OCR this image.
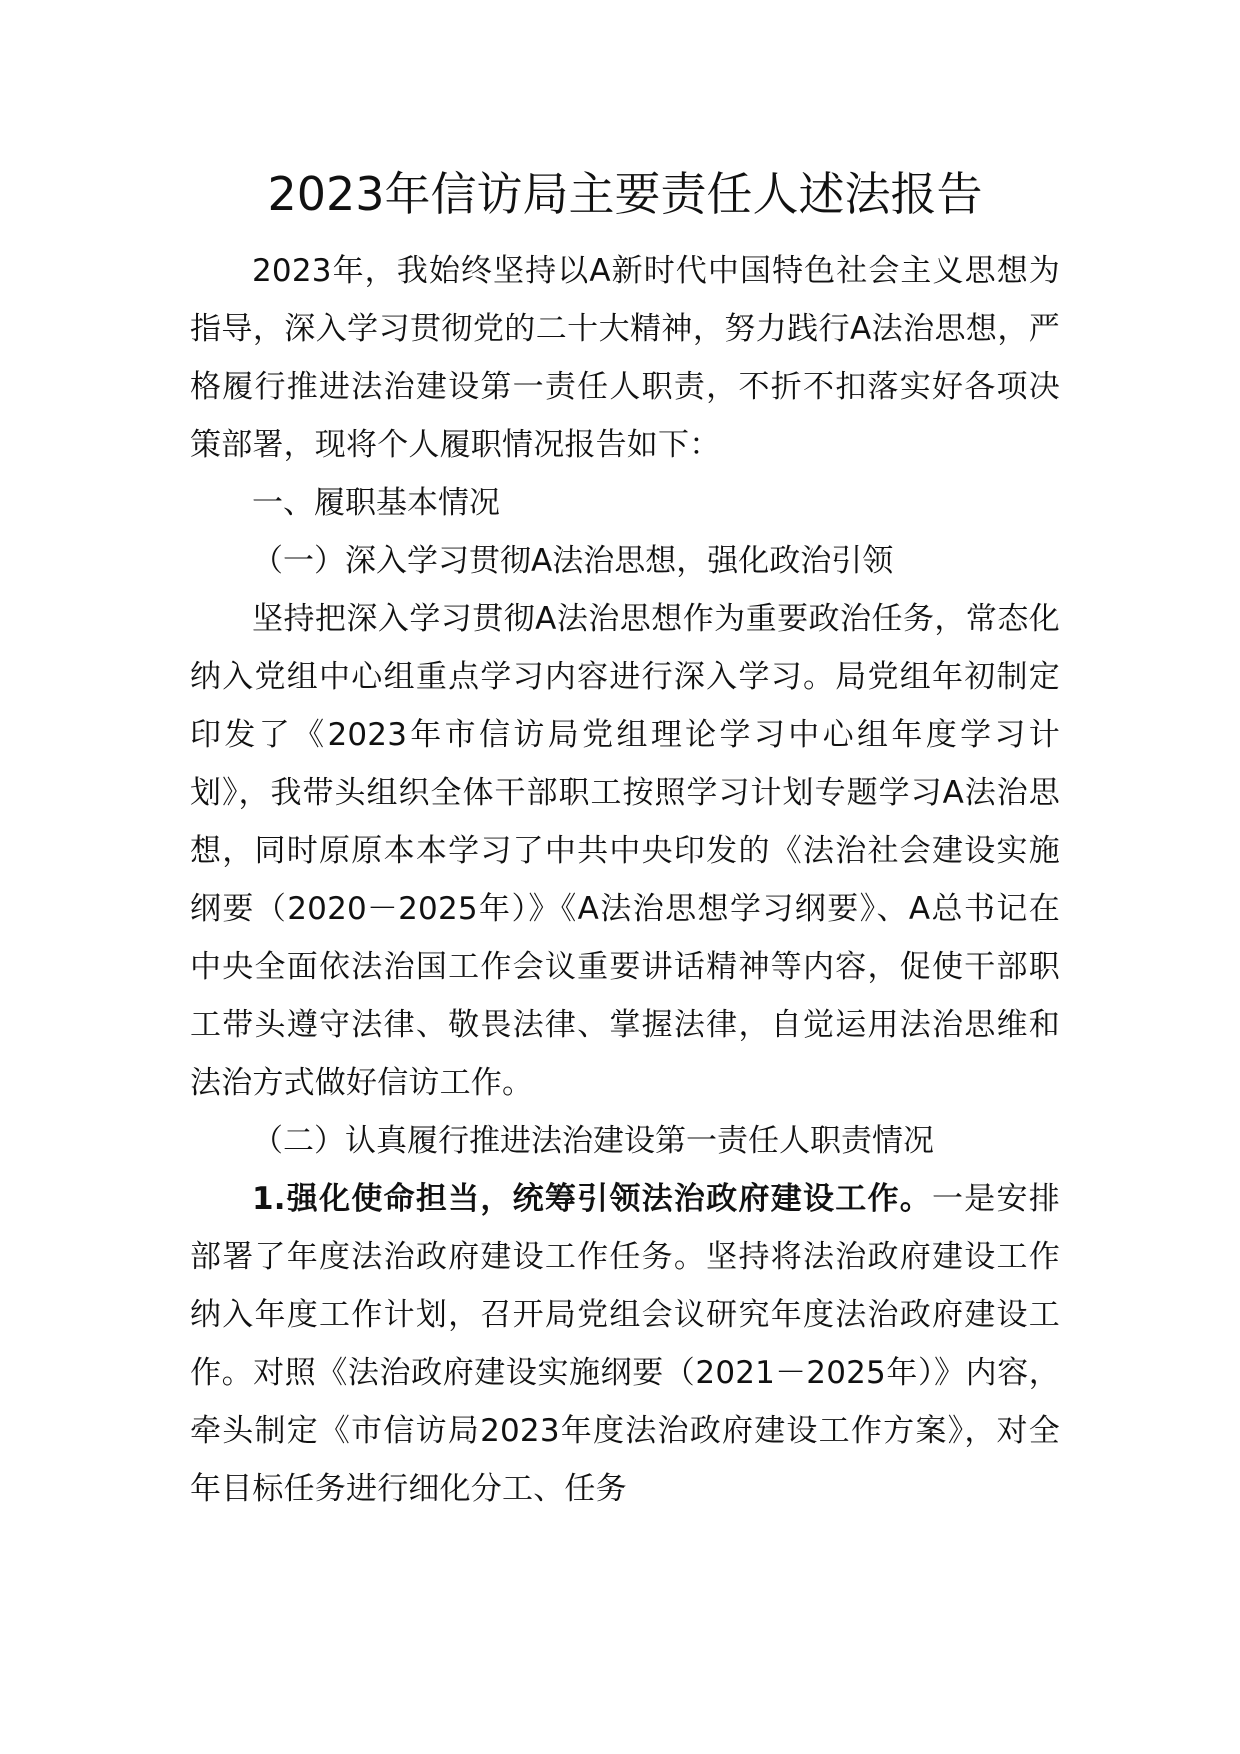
2023年信访局主要责任人述法报告

2023年，我始终坚持以A新时代中国特色社会主义思想为指导，深入学习贯彻党的二十大精神，努力践行A法治思想，严格履行推进法治建设第一责任人职责，不折不扣落实好各项决策部署，现将个人履职情况报告如下：

一、履职基本情况

（一）深入学习贯彻A法治思想，强化政治引领

坚持把深入学习贯彻A法治思想作为重要政治任务，常态化纳入党组中心组重点学习内容进行深入学习。局党组年初制定印发了《2023年市信访局党组理论学习中心组年度学习计划》，我带头组织全体干部职工按照学习计划专题学习A法治思想，同时原原本本学习了中共中央印发的《法治社会建设实施纲要（2020－2025年）》《A法治思想学习纲要》、A总书记在中央全面依法治国工作会议重要讲话精神等内容，促使干部职工带头遵守法律、敬畏法律、掌握法律，自觉运用法治思维和法治方式做好信访工作。

（二）认真履行推进法治建设第一责任人职责情况

1.强化使命担当，统筹引领法治政府建设工作。一是安排部署了年度法治政府建设工作任务。坚持将法治政府建设工作纳入年度工作计划，召开局党组会议研究年度法治政府建设工作。对照《法治政府建设实施纲要（2021－2025年）》内容，牵头制定《市信访局2023年度法治政府建设工作方案》，对全年目标任务进行细化分工、任务
